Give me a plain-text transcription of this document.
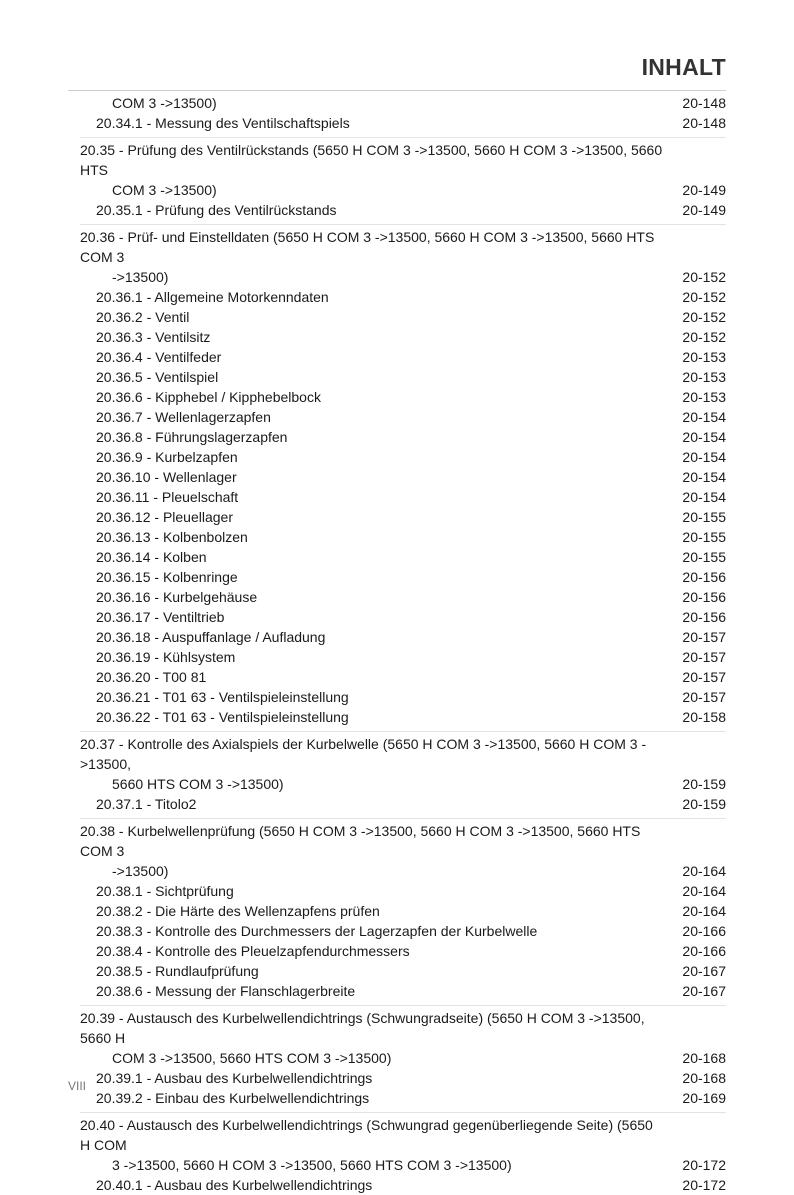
INHALT
COM 3 ->13500)	20-148
20.34.1 - Messung des Ventilschaftspiels	20-148
20.35 - Prüfung des Ventilrückstands (5650 H COM 3 ->13500, 5660 H COM 3 ->13500, 5660 HTS
COM 3 ->13500)	20-149
20.35.1 - Prüfung des Ventilrückstands	20-149
20.36 - Prüf- und Einstelldaten (5650 H COM 3 ->13500, 5660 H COM 3 ->13500, 5660 HTS COM 3
->13500)	20-152
20.36.1 - Allgemeine Motorkenndaten	20-152
20.36.2 - Ventil	20-152
20.36.3 - Ventilsitz	20-152
20.36.4 - Ventilfeder	20-153
20.36.5 - Ventilspiel	20-153
20.36.6 - Kipphebel / Kipphebelbock	20-153
20.36.7 - Wellenlagerzapfen	20-154
20.36.8 - Führungslagerzapfen	20-154
20.36.9 - Kurbelzapfen	20-154
20.36.10 - Wellenlager	20-154
20.36.11 - Pleuelschaft	20-154
20.36.12 - Pleuellager	20-155
20.36.13 - Kolbenbolzen	20-155
20.36.14 - Kolben	20-155
20.36.15 - Kolbenringe	20-156
20.36.16 - Kurbelgehäuse	20-156
20.36.17 - Ventiltrieb	20-156
20.36.18 - Auspuffanlage / Aufladung	20-157
20.36.19 - Kühlsystem	20-157
20.36.20 - T00 81	20-157
20.36.21 - T01 63 - Ventilspieleinstellung	20-157
20.36.22 - T01 63 - Ventilspieleinstellung	20-158
20.37 - Kontrolle des Axialspiels der Kurbelwelle (5650 H COM 3 ->13500, 5660 H COM 3 ->13500,
5660 HTS COM 3 ->13500)	20-159
20.37.1 - Titolo2	20-159
20.38 - Kurbelwellenprüfung (5650 H COM 3 ->13500, 5660 H COM 3 ->13500, 5660 HTS COM 3
->13500)	20-164
20.38.1 - Sichtprüfung	20-164
20.38.2 - Die Härte des Wellenzapfens prüfen	20-164
20.38.3 - Kontrolle des Durchmessers der Lagerzapfen der Kurbelwelle	20-166
20.38.4 - Kontrolle des Pleuelzapfendurchmessers	20-166
20.38.5 - Rundlaufprüfung	20-167
20.38.6 - Messung der Flanschlagerbreite	20-167
20.39 - Austausch des Kurbelwellendichtrings (Schwungradseite) (5650 H COM 3 ->13500, 5660 H
COM 3 ->13500, 5660 HTS COM 3 ->13500)	20-168
20.39.1 - Ausbau des Kurbelwellendichtrings	20-168
20.39.2 - Einbau des Kurbelwellendichtrings	20-169
20.40 - Austausch des Kurbelwellendichtrings (Schwungrad gegenüberliegende Seite) (5650 H COM
3 ->13500, 5660 H COM 3 ->13500, 5660 HTS COM 3 ->13500)	20-172
20.40.1 - Ausbau des Kurbelwellendichtrings	20-172
VIII
